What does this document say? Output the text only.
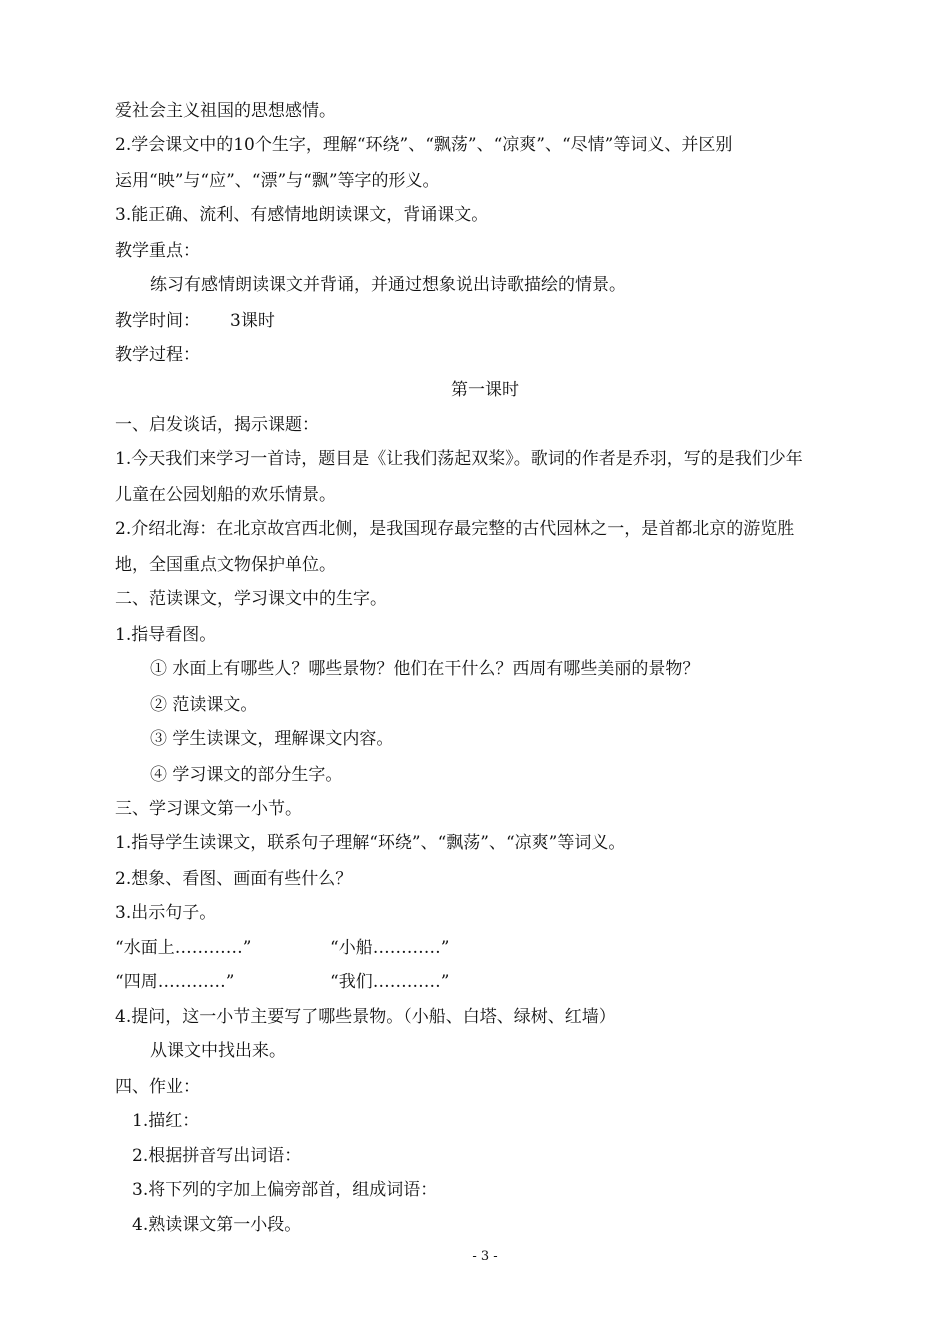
爱社会主义祖国的思想感情。
2.学会课文中的10个生字，理解“环绕”、“飘荡”、“凉爽”、“尽情”等词义、并区别
运用“映”与“应”、“漂”与“飘”等字的形义。
3.能正确、流利、有感情地朗读课文，背诵课文。
教学重点：
练习有感情朗读课文并背诵，并通过想象说出诗歌描绘的情景。
教学时间： 3课时
教学过程：
第一课时
一、启发谈话，揭示课题：
1.今天我们来学习一首诗，题目是《让我们荡起双桨》。歌词的作者是乔羽，写的是我们少年
儿童在公园划船的欢乐情景。
2.介绍北海：在北京故宫西北侧，是我国现存最完整的古代园林之一，是首都北京的游览胜
地，全国重点文物保护单位。
二、范读课文，学习课文中的生字。
1.指导看图。
① 水面上有哪些人？哪些景物？他们在干什么？西周有哪些美丽的景物？
② 范读课文。
③ 学生读课文，理解课文内容。
④ 学习课文的部分生字。
三、学习课文第一小节。
1.指导学生读课文，联系句子理解“环绕”、“飘荡”、“凉爽”等词义。
2.想象、看图、画面有些什么？
3.出示句子。
“水面上…………”	“小船…………”
“四周…………”	“我们…………”
4.提问，这一小节主要写了哪些景物。（小船、白塔、绿树、红墙）
从课文中找出来。
四、作业：
1.描红：
2.根据拼音写出词语：
3.将下列的字加上偏旁部首，组成词语：
4.熟读课文第一小段。
- 3 -
